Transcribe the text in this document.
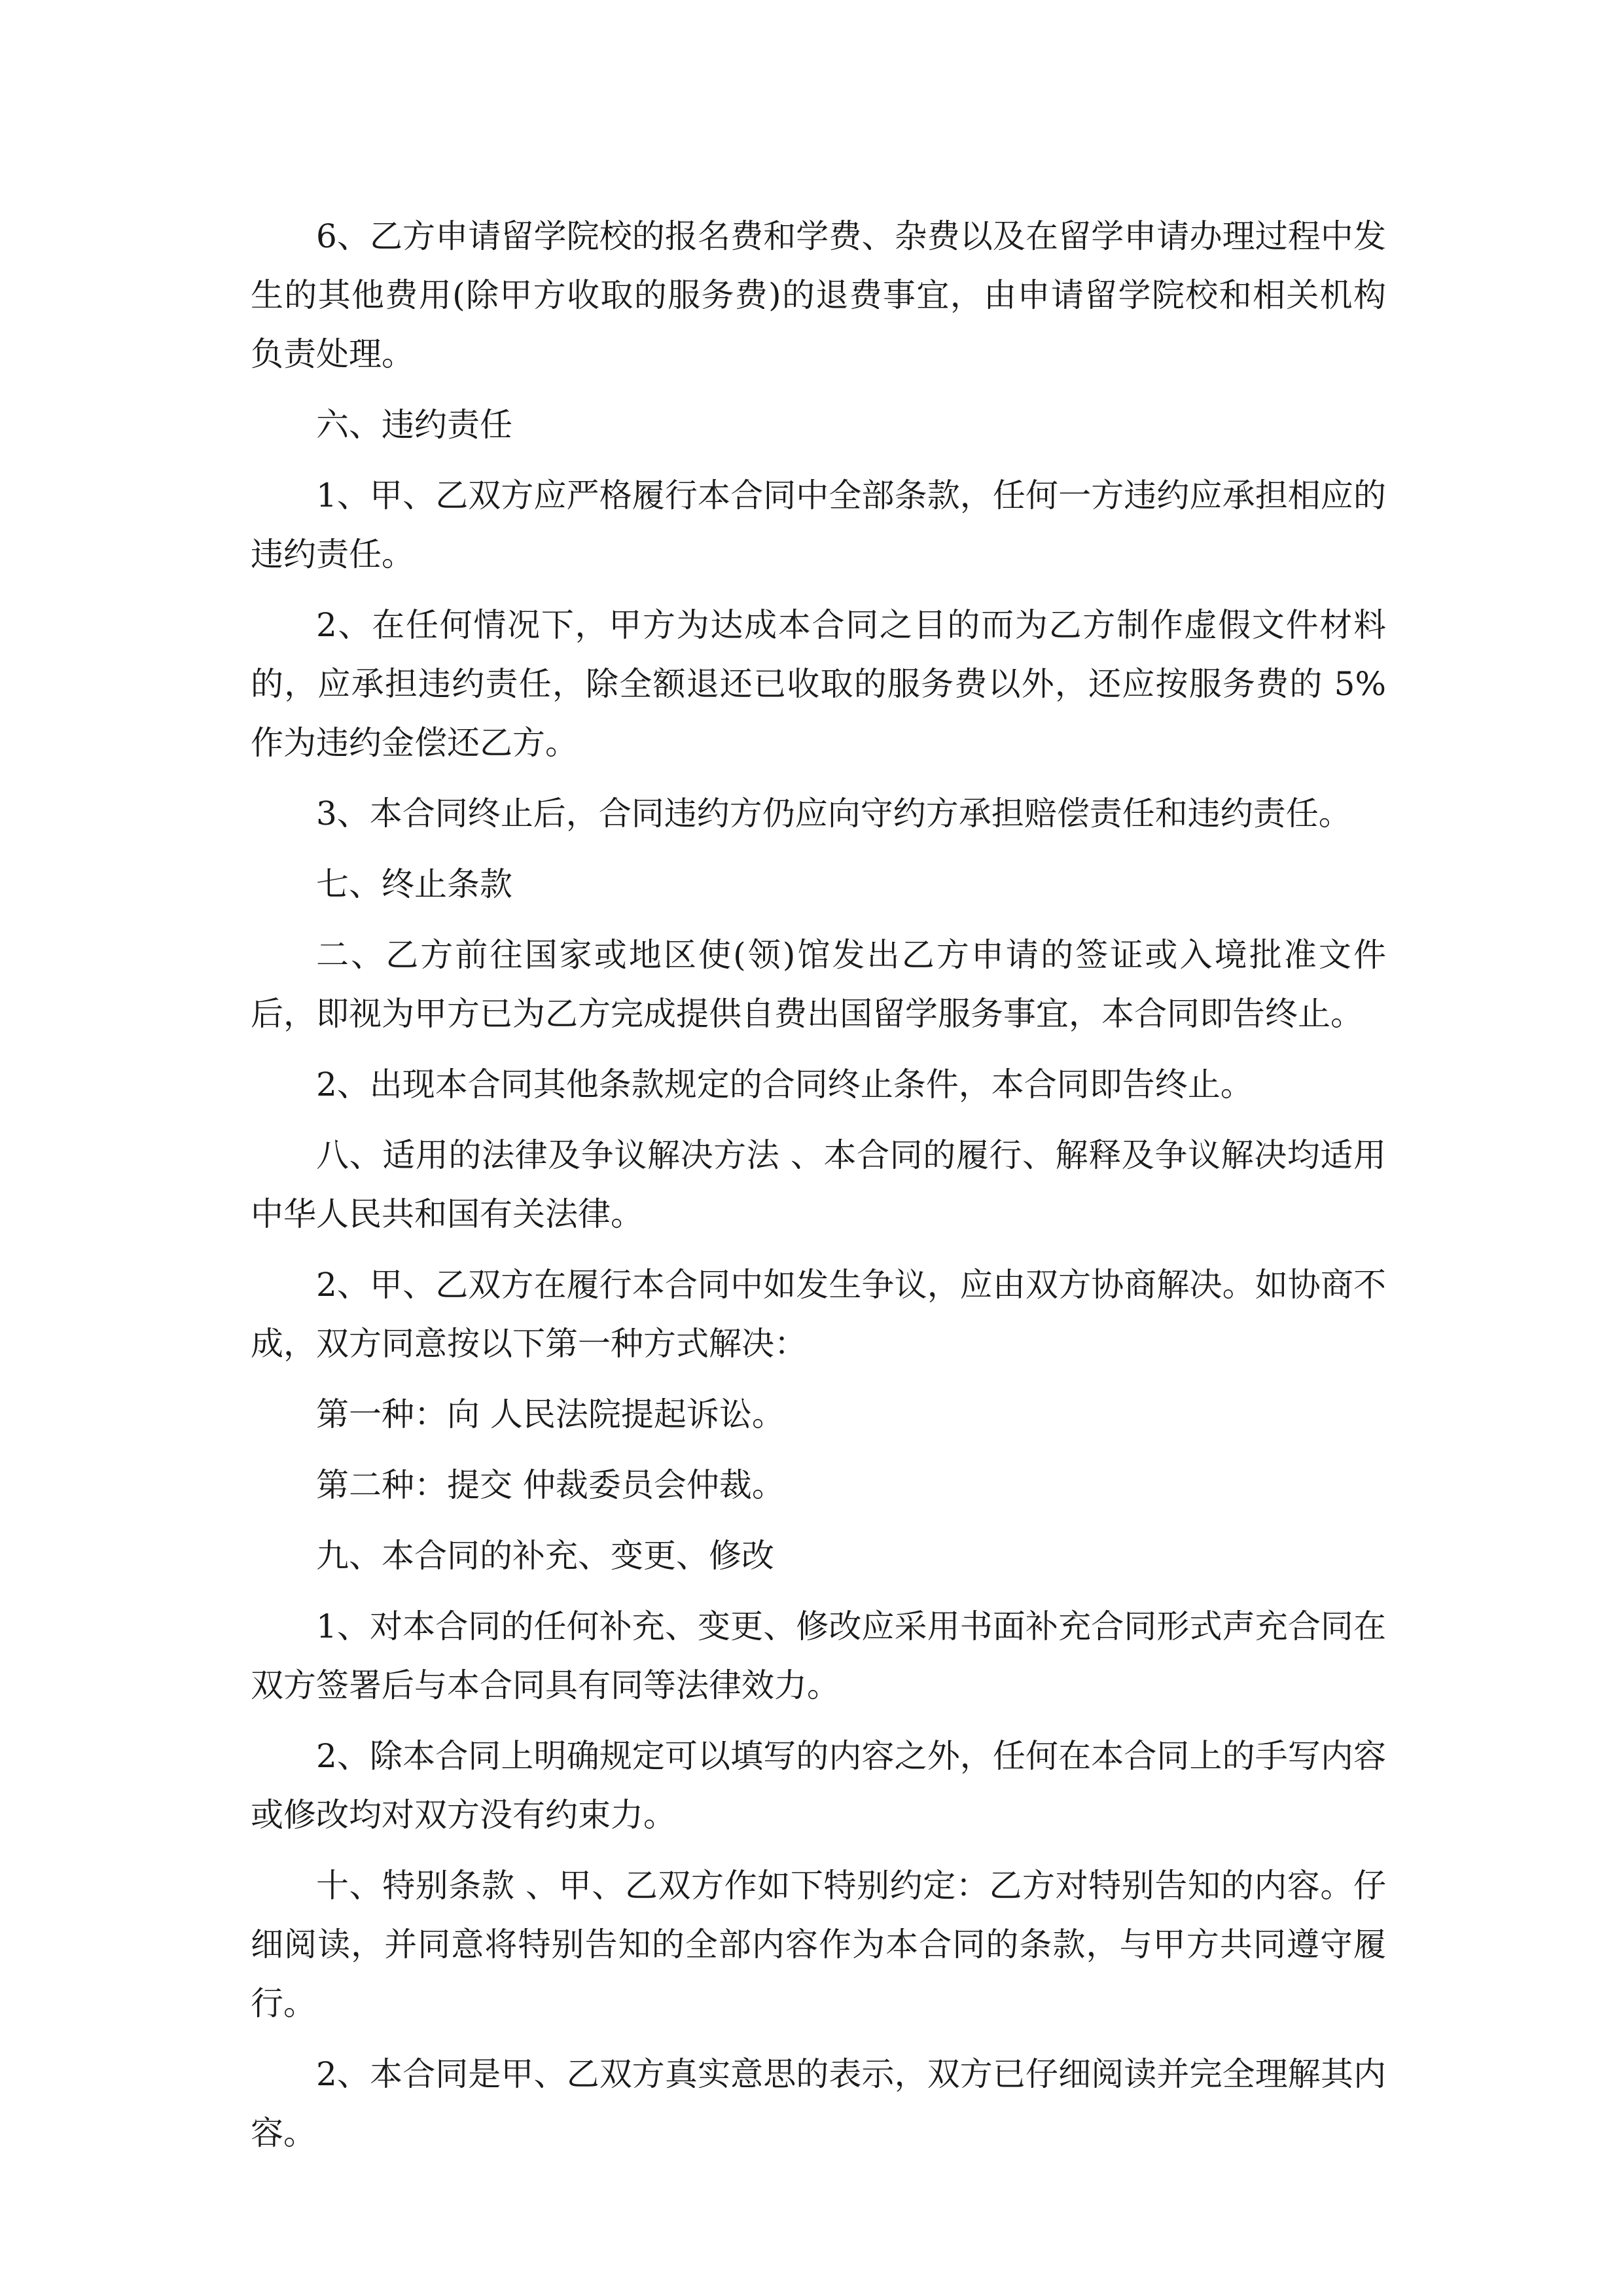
6、乙方申请留学院校的报名费和学费、杂费以及在留学申请办理过程中发生的其他费用(除甲方收取的服务费)的退费事宜，由申请留学院校和相关机构负责处理。

六、违约责任

1、甲、乙双方应严格履行本合同中全部条款，任何一方违约应承担相应的违约责任。

2、在任何情况下，甲方为达成本合同之目的而为乙方制作虚假文件材料的，应承担违约责任，除全额退还已收取的服务费以外，还应按服务费的 5%作为违约金偿还乙方。

3、本合同终止后，合同违约方仍应向守约方承担赔偿责任和违约责任。

七、终止条款

二、乙方前往国家或地区使(领)馆发出乙方申请的签证或入境批准文件后，即视为甲方已为乙方完成提供自费出国留学服务事宜，本合同即告终止。

2、出现本合同其他条款规定的合同终止条件，本合同即告终止。

八、适用的法律及争议解决方法 、本合同的履行、解释及争议解决均适用中华人民共和国有关法律。

2、甲、乙双方在履行本合同中如发生争议，应由双方协商解决。如协商不成，双方同意按以下第一种方式解决：

第一种：向 人民法院提起诉讼。

第二种：提交 仲裁委员会仲裁。

九、本合同的补充、变更、修改

1、对本合同的任何补充、变更、修改应采用书面补充合同形式声充合同在双方签署后与本合同具有同等法律效力。

2、除本合同上明确规定可以填写的内容之外，任何在本合同上的手写内容或修改均对双方没有约束力。

十、特别条款 、甲、乙双方作如下特别约定：乙方对特别告知的内容。仔细阅读，并同意将特别告知的全部内容作为本合同的条款，与甲方共同遵守履行。

2、本合同是甲、乙双方真实意思的表示，双方已仔细阅读并完全理解其内容。
